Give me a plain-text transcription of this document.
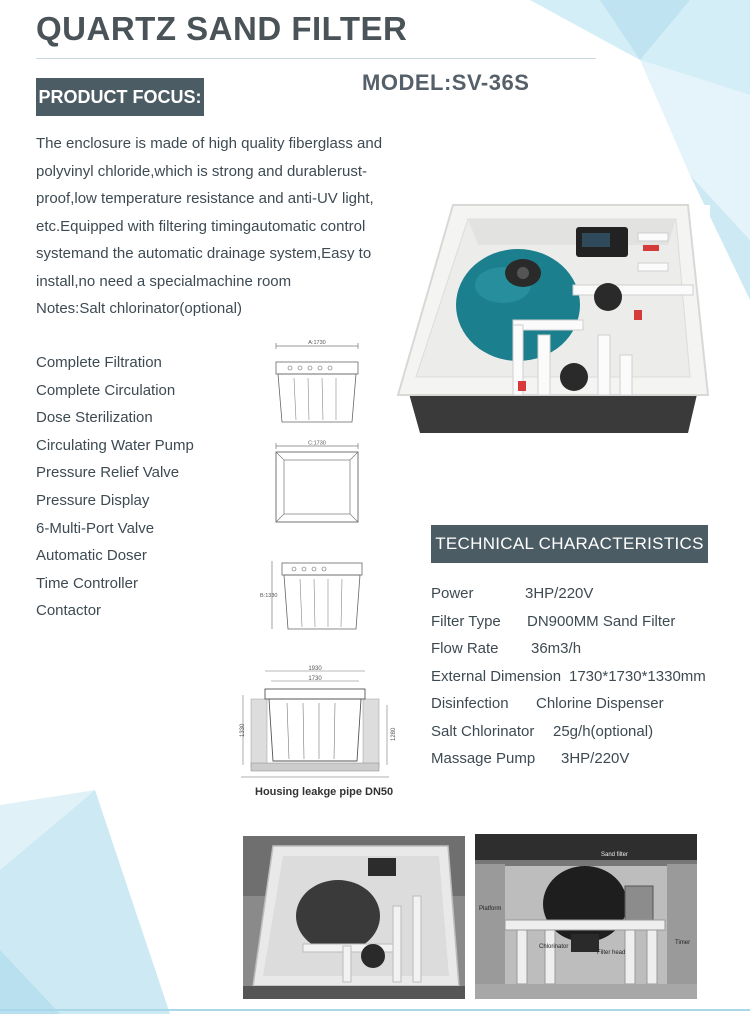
QUARTZ SAND FILTER
PRODUCT FOCUS:
MODEL:SV-36S
The enclosure is made of high quality fiberglass and
polyvinyl chloride,which is strong and durablerust-
proof,low temperature resistance and anti-UV light,
etc.Equipped with filtering timingautomatic control
systemand the automatic drainage system,Easy to
install,no need a specialmachine room
Notes:Salt chlorinator(optional)
Complete Filtration
Complete Circulation
Dose Sterilization
Circulating Water Pump
Pressure Relief Valve
Pressure Display
6-Multi-Port Valve
Automatic Doser
Time Controller
Contactor
A:1730
C:1730
B:1330
1930
1730
1330	1280
Housing leakge pipe DN50
TECHNICAL CHARACTERISTICS
Power	3HP/220V
Filter Type DN900MM Sand Filter
Flow Rate 36m3/h
External Dimension 1730*1730*1330mm
Disinfection Chlorine Dispenser
Salt Chlorinator 25g/h(optional)
Massage Pump 3HP/220V
Sand filter
Platform
Chlorinator
Filter head
Timer
